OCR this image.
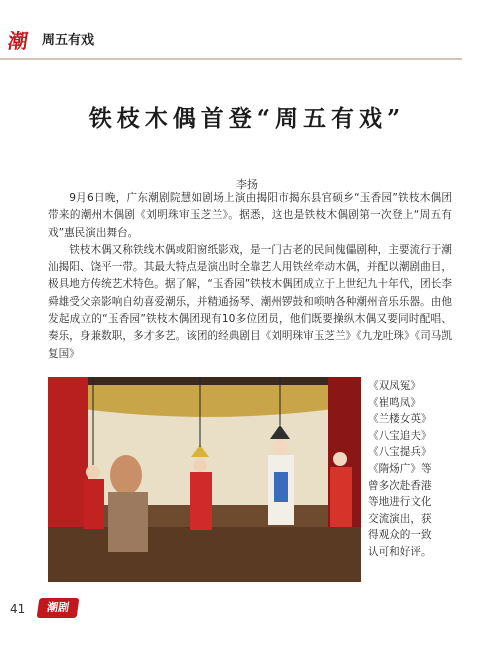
潮	周五有戏
铁枝木偶首登“周五有戏”
李扬

9月6日晚，广东潮剧院慧如剧场上演由揭阳市揭东县官硕乡“玉香园”铁枝木偶团带来的潮州木偶剧《刘明珠审玉芝兰》。据悉，这也是铁枝木偶剧第一次登上“周五有戏”惠民演出舞台。

铁枝木偶又称铁线木偶或阳窗纸影戏，是一门古老的民间傀儡剧种，主要流行于潮汕揭阳、饶平一带。其最大特点是演出时全靠艺人用铁丝牵动木偶，并配以潮剧曲目，极具地方传统艺术特色。据了解，“玉香园”铁枝木偶团成立于上世纪九十年代，团长李舜雄受父亲影响自幼喜爱潮乐，并精通扬琴、潮州锣鼓和唢呐各种潮州音乐乐器。由他发起成立的“玉香园”铁枝木偶团现有10多位团员，他们既要操纵木偶又要同时配唱、奏乐，身兼数职，多才多艺。该团的经典剧目《刘明珠审玉芝兰》《九龙吐珠》《司马凯复国》

《双凤冤》
《崔鸣凤》
《兰楼女英》
《八宝追夫》
《八宝提兵》
《隋炀广》等
曾多次赴香港
等地进行文化
交流演出，获
得观众的一致
认可和好评。
41	潮剧
